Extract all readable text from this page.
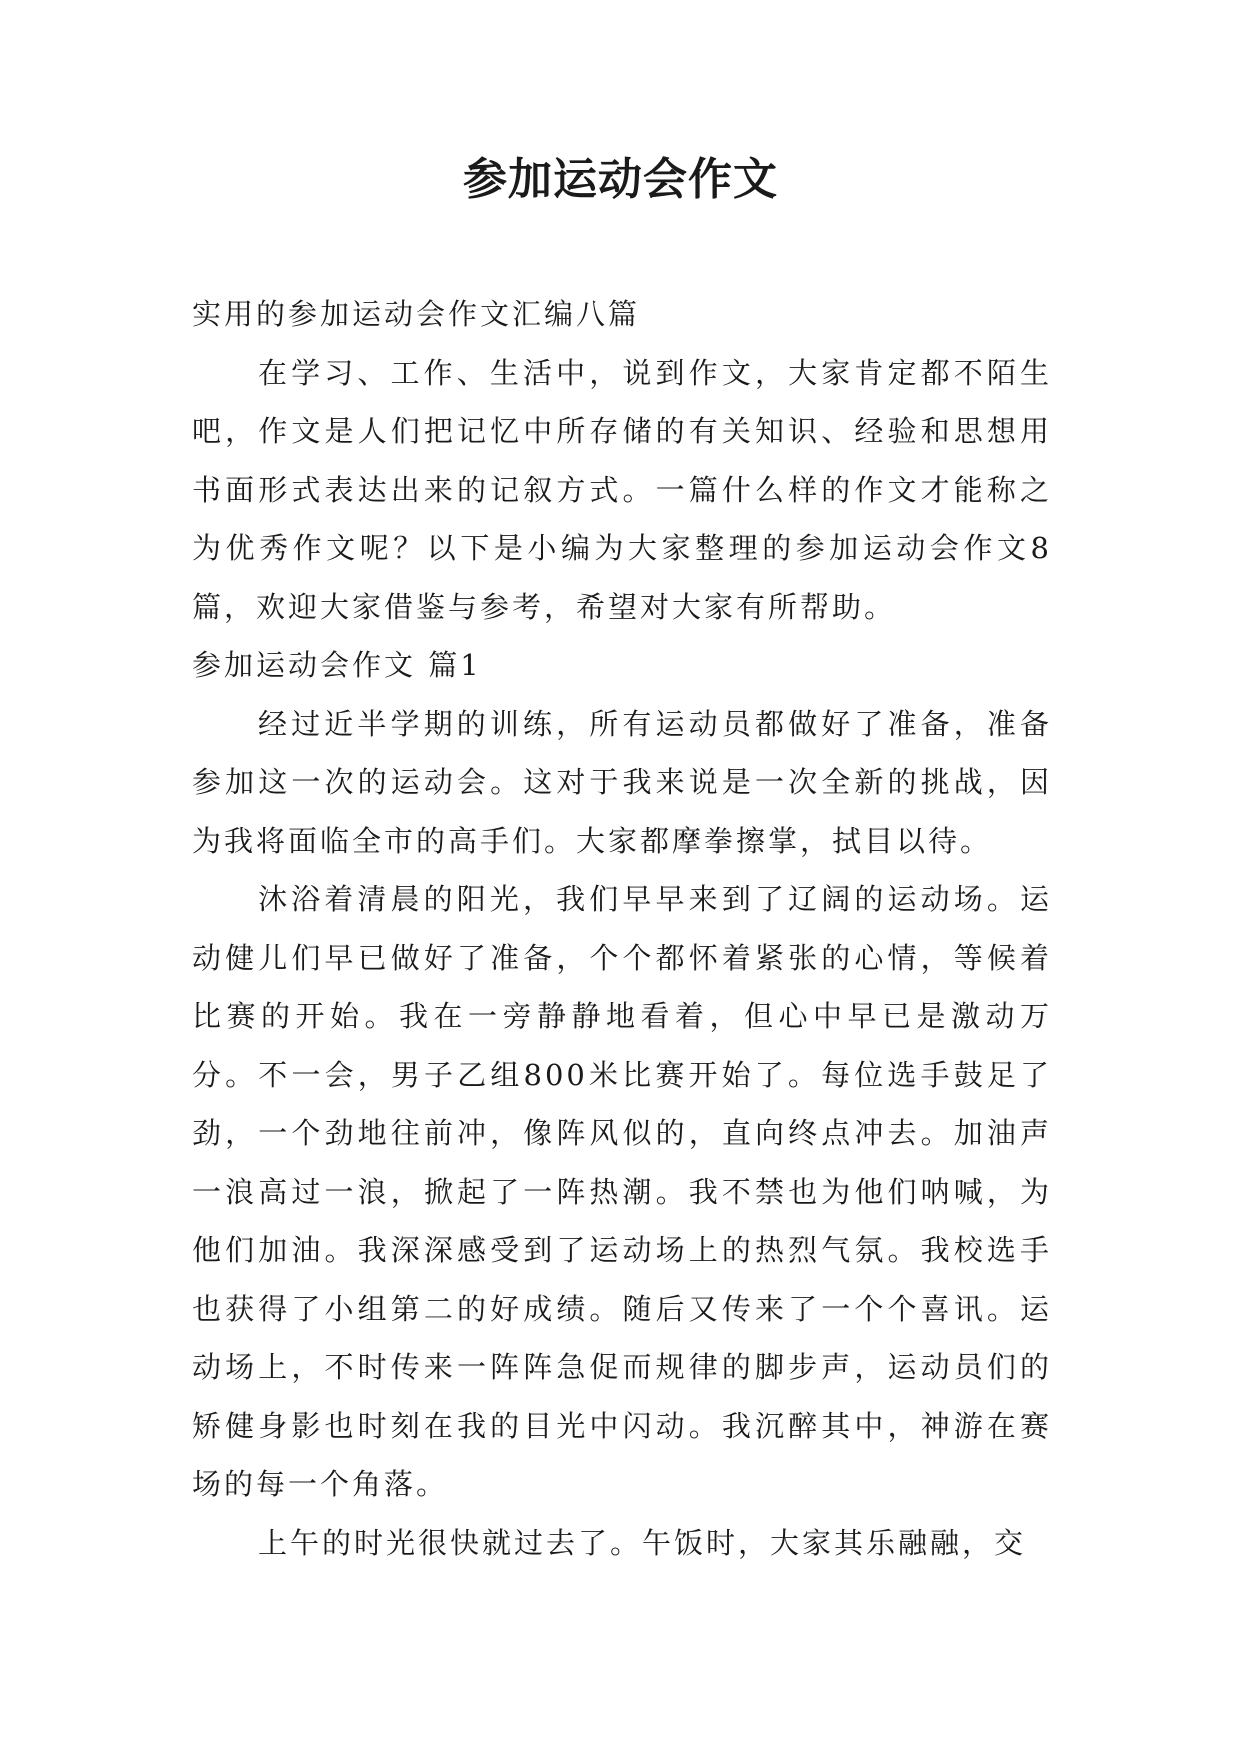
参加运动会作文

实用的参加运动会作文汇编八篇

在学习、工作、生活中，说到作文，大家肯定都不陌生吧，作文是人们把记忆中所存储的有关知识、经验和思想用书面形式表达出来的记叙方式。一篇什么样的作文才能称之为优秀作文呢？以下是小编为大家整理的参加运动会作文8篇，欢迎大家借鉴与参考，希望对大家有所帮助。

参加运动会作文 篇1

经过近半学期的训练，所有运动员都做好了准备，准备参加这一次的运动会。这对于我来说是一次全新的挑战，因为我将面临全市的高手们。大家都摩拳擦掌，拭目以待。

沐浴着清晨的阳光，我们早早来到了辽阔的运动场。运动健儿们早已做好了准备，个个都怀着紧张的心情，等候着比赛的开始。我在一旁静静地看着，但心中早已是激动万分。不一会，男子乙组800米比赛开始了。每位选手鼓足了劲，一个劲地往前冲，像阵风似的，直向终点冲去。加油声一浪高过一浪，掀起了一阵热潮。我不禁也为他们呐喊，为他们加油。我深深感受到了运动场上的热烈气氛。我校选手也获得了小组第二的好成绩。随后又传来了一个个喜讯。运动场上，不时传来一阵阵急促而规律的脚步声，运动员们的矫健身影也时刻在我的目光中闪动。我沉醉其中，神游在赛场的每一个角落。

上午的时光很快就过去了。午饭时，大家其乐融融，交
